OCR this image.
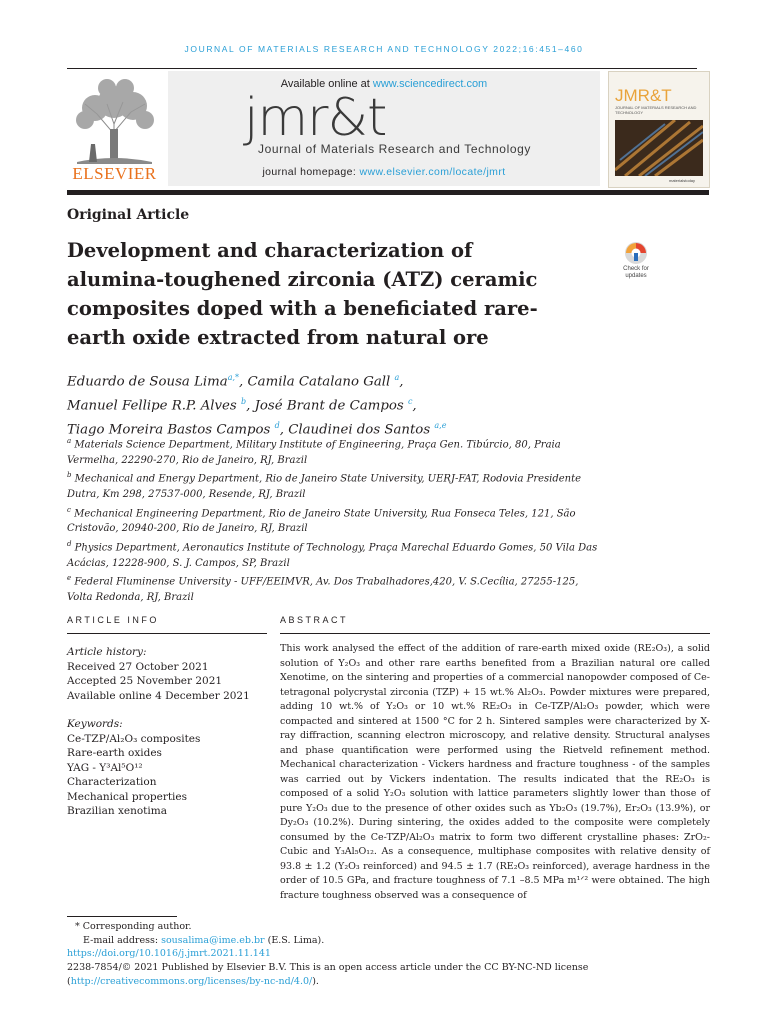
JOURNAL OF MATERIALS RESEARCH AND TECHNOLOGY 2022;16:451–460
ELSEVIER
Available online at www.sciencedirect.com
jmr&t
Journal of Materials Research and Technology
journal homepage: www.elsevier.com/locate/jmrt
JMR&T
JOURNAL OF MATERIALS RESEARCH AND TECHNOLOGY
materialstoday
Original Article
Development and characterization of alumina-toughened zirconia (ATZ) ceramic composites doped with a beneficiated rare-earth oxide extracted from natural ore
Check for
updates

Eduardo de Sousa Lima$^{a,*}$, Camila Catalano Gall $^a$,
Manuel Fellipe R.P. Alves $^b$, José Brant de Campos $^c$,
Tiago Moreira Bastos Campos $^d$, Claudinei dos Santos $^{a,e}$

$^a$ Materials Science Department, Military Institute of Engineering, Praça Gen. Tibúrcio, 80, Praia Vermelha, 22290-270, Rio de Janeiro, RJ, Brazil

$^b$ Mechanical and Energy Department, Rio de Janeiro State University, UERJ-FAT, Rodovia Presidente Dutra, Km 298, 27537-000, Resende, RJ, Brazil

$^c$ Mechanical Engineering Department, Rio de Janeiro State University, Rua Fonseca Teles, 121, São Cristovão, 20940-200, Rio de Janeiro, RJ, Brazil

$^d$ Physics Department, Aeronautics Institute of Technology, Praça Marechal Eduardo Gomes, 50 Vila Das Acácias, 12228-900, S. J. Campos, SP, Brazil

$^e$ Federal Fluminense University - UFF/EEIMVR, Av. Dos Trabalhadores,420, V. S.Cecília, 27255-125, Volta Redonda, RJ, Brazil

ARTICLE INFO	ABSTRACT
Article history:
Received 27 October 2021
Accepted 25 November 2021
Available online 4 December 2021
Keywords:
Ce-TZP/Al₂O₃ composites
Rare-earth oxides
YAG - Y³Al⁵O¹²
Characterization
Mechanical properties
Brazilian xenotima

This work analysed the effect of the addition of rare-earth mixed oxide (RE₂O₃), a solid solution of Y₂O₃ and other rare earths benefited from a Brazilian natural ore called Xenotime, on the sintering and properties of a commercial nanopowder composed of Ce-tetragonal polycrystal zirconia (TZP) + 15 wt.% Al₂O₃. Powder mixtures were prepared, adding 10 wt.% of Y₂O₃ or 10 wt.% RE₂O₃ in Ce-TZP/Al₂O₃ powder, which were compacted and sintered at 1500 °C for 2 h. Sintered samples were characterized by X-ray diffraction, scanning electron microscopy, and relative density. Structural analyses and phase quantification were performed using the Rietveld refinement method. Mechanical characterization - Vickers hardness and fracture toughness - of the samples was carried out by Vickers indentation. The results indicated that the RE₂O₃ is composed of a solid Y₂O₃ solution with lattice parameters slightly lower than those of pure Y₂O₃ due to the presence of other oxides such as Yb₂O₃ (19.7%), Er₂O₃ (13.9%), or Dy₂O₃ (10.2%). During sintering, the oxides added to the composite were completely consumed by the Ce-TZP/Al₂O₃ matrix to form two different crystalline phases: ZrO₂-Cubic and Y₃Al₅O₁₂. As a consequence, multiphase composites with relative density of 93.8 ± 1.2 (Y₂O₃ reinforced) and 94.5 ± 1.7 (RE₂O₃ reinforced), average hardness in the order of 10.5 GPa, and fracture toughness of 7.1 –8.5 MPa m¹ᐟ² were obtained. The high fracture toughness observed was a consequence of

* Corresponding author.
E-mail address: sousalima@ime.eb.br (E.S. Lima).
https://doi.org/10.1016/j.jmrt.2021.11.141
2238-7854/© 2021 Published by Elsevier B.V. This is an open access article under the CC BY-NC-ND license (http://creativecommons.org/licenses/by-nc-nd/4.0/).
